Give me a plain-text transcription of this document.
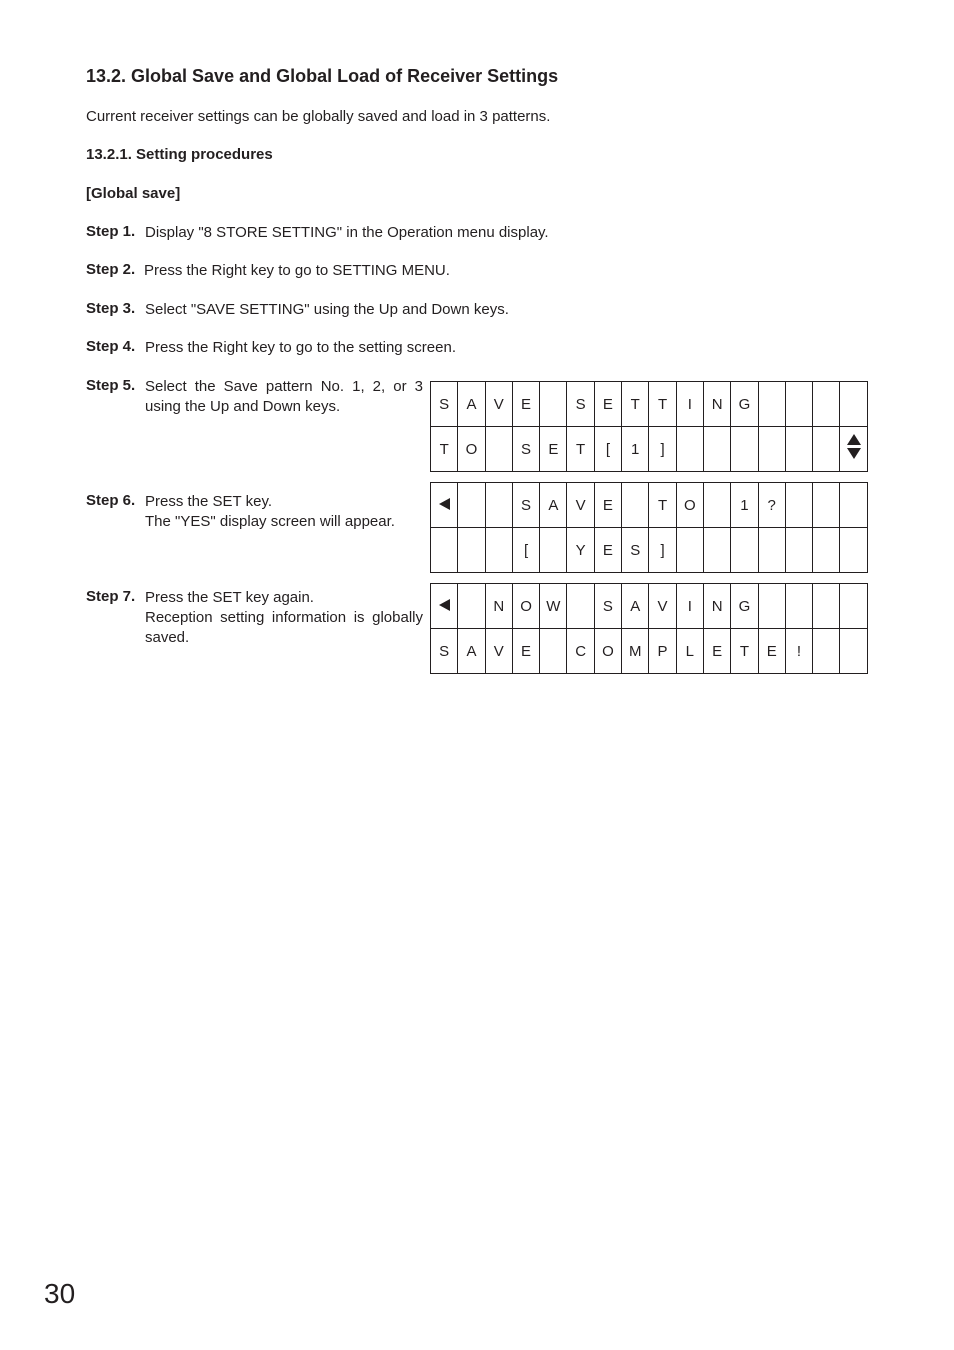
13.2. Global Save and Global Load of Receiver Settings
Current receiver settings can be globally saved and load in 3 patterns.
13.2.1. Setting procedures
[Global save]
Step 1. Display "8 STORE SETTING" in the Operation menu display.
Step 2. Press the Right key to go to SETTING MENU.
Step 3. Select "SAVE SETTING" using the Up and Down keys.
Step 4. Press the Right key to go to the setting screen.
Step 5. Select the Save pattern No. 1, 2, or 3 using the Up and Down keys.
Step 6. Press the SET key.
The "YES" display screen will appear.
Step 7. Press the SET key again.
Reception setting information is globally saved.
S	A	V	E		S	E	T	T	I	N	G				
T	O		S	E	T	[	1	]							
			S	A	V	E		T	O		1	?			
			[		Y	E	S	]							
		N	O	W		S	A	V	I	N	G				
S	A	V	E		C	O	M	P	L	E	T	E	!		
30
